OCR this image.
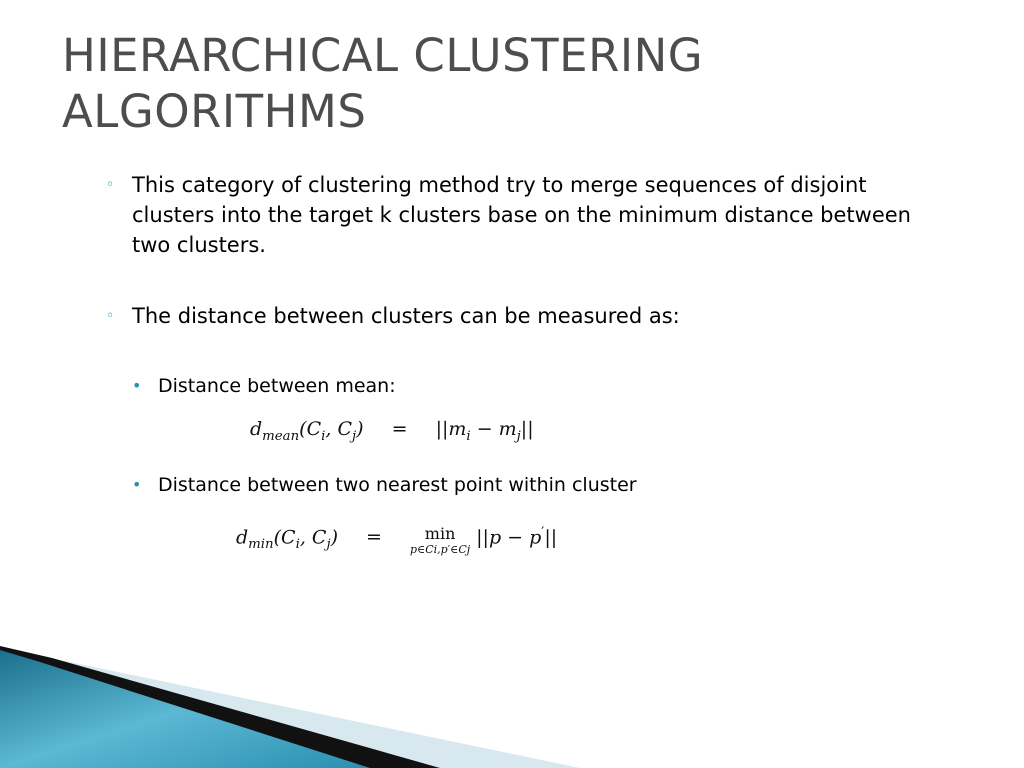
HIERARCHICAL CLUSTERING ALGORITHMS
◦ This category of clustering method try to merge sequences of disjoint clusters into the target k clusters base on the minimum distance between two clusters.
◦ The distance between clusters can be measured as:
• Distance between mean:
• Distance between two nearest point within cluster
$d_{mean}(C_i$, $C_j) = ||m_i - m_j||$
$d_{min}(C_i$, $C_j$) =	min
p∈Ci,p′∈Cj
||p − p′||
